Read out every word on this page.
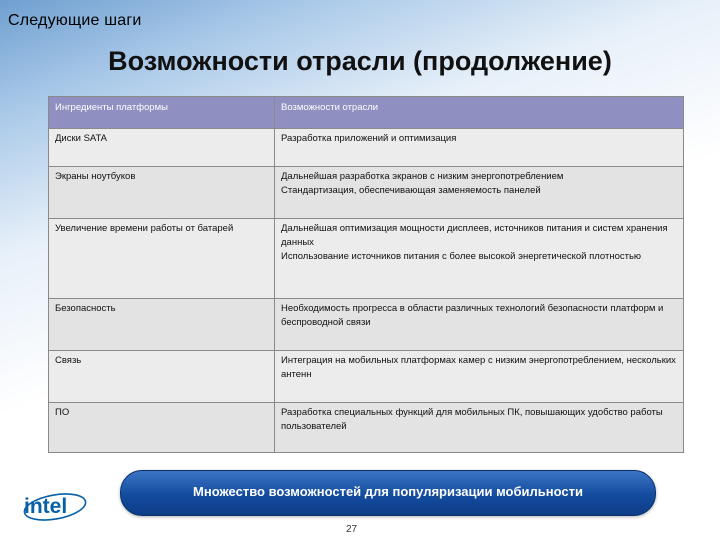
Следующие шаги
Возможности отрасли (продолжение)
Ингредиенты платформы	Возможности отрасли
Диски SATA	Разработка приложений и оптимизация

Экраны ноутбуков	Дальнейшая разработка экранов с низким энергопотреблением
Стандартизация, обеспечивающая заменяемость панелей

Увеличение времени работы от батарей	Дальнейшая оптимизация мощности дисплеев, источников питания и систем хранения данных
Использование источников питания с более высокой энергетической плотностью

Безопасность	Необходимость прогресса в области различных технологий безопасности платформ и беспроводной связи

Связь	Интеграция на мобильных платформах камер с низким энергопотреблением, нескольких антенн

ПО	Разработка специальных функций для мобильных ПК, повышающих удобство работы пользователей
Множество возможностей для популяризации мобильности
intel
27
